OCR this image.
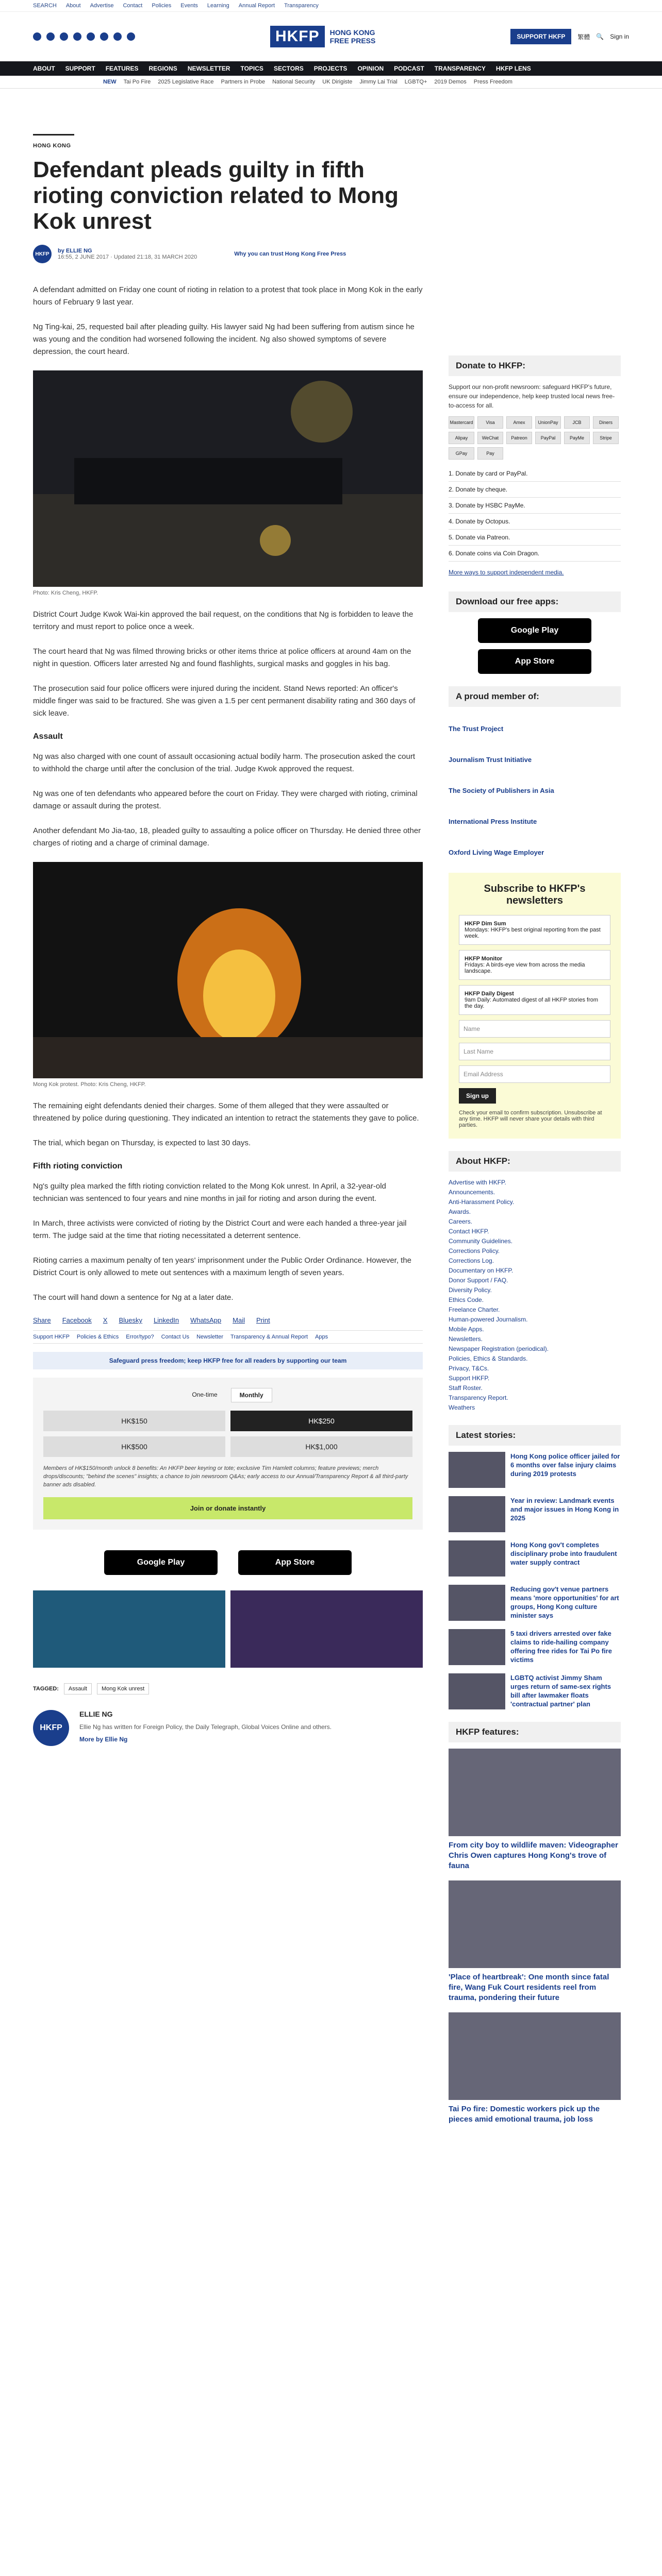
SEARCH About Advertise Contact Policies Events Learning Annual Report Transparency
HKFP	HONG KONG
FREE PRESS	SUPPORT HKFP	繁體 🔍 Sign in
ABOUT SUPPORT FEATURES REGIONS NEWSLETTER TOPICS SECTORS PROJECTS OPINION PODCAST TRANSPARENCY HKFP LENS
NEW Tai Po Fire 2025 Legislative Race Partners in Probe National Security UK Dirigiste Jimmy Lai Trial LGBTQ+ 2019 Demos Press Freedom
HONG KONG
Defendant pleads guilty in fifth rioting conviction related to Mong Kok unrest
HKFP	by ELLIE NG
16:55, 2 JUNE 2017 · Updated 21:18, 31 MARCH 2020	Why you can trust Hong Kong Free Press

A defendant admitted on Friday one count of rioting in relation to a protest that took place in Mong Kok in the early hours of February 9 last year.

Ng Ting-kai, 25, requested bail after pleading guilty. His lawyer said Ng had been suffering from autism since he was young and the condition had worsened following the incident. Ng also showed symptoms of severe depression, the court heard.

Photo: Kris Cheng, HKFP.

District Court Judge Kwok Wai-kin approved the bail request, on the conditions that Ng is forbidden to leave the territory and must report to police once a week.

The court heard that Ng was filmed throwing bricks or other items thrice at police officers at around 4am on the night in question. Officers later arrested Ng and found flashlights, surgical masks and goggles in his bag.

The prosecution said four police officers were injured during the incident. Stand News reported: An officer's middle finger was said to be fractured. She was given a 1.5 per cent permanent disability rating and 360 days of sick leave.

Assault

Ng was also charged with one count of assault occasioning actual bodily harm. The prosecution asked the court to withhold the charge until after the conclusion of the trial. Judge Kwok approved the request.

Ng was one of ten defendants who appeared before the court on Friday. They were charged with rioting, criminal damage or assault during the protest.

Another defendant Mo Jia-tao, 18, pleaded guilty to assaulting a police officer on Thursday. He denied three other charges of rioting and a charge of criminal damage.

Mong Kok protest. Photo: Kris Cheng, HKFP.

The remaining eight defendants denied their charges. Some of them alleged that they were assaulted or threatened by police during questioning. They indicated an intention to retract the statements they gave to police.

The trial, which began on Thursday, is expected to last 30 days.

Fifth rioting conviction

Ng's guilty plea marked the fifth rioting conviction related to the Mong Kok unrest. In April, a 32-year-old technician was sentenced to four years and nine months in jail for rioting and arson during the event.

In March, three activists were convicted of rioting by the District Court and were each handed a three-year jail term. The judge said at the time that rioting necessitated a deterrent sentence.

Rioting carries a maximum penalty of ten years' imprisonment under the Public Order Ordinance. However, the District Court is only allowed to mete out sentences with a maximum length of seven years.

The court will hand down a sentence for Ng at a later date.

Share Facebook X Bluesky LinkedIn WhatsApp Mail Print
Support HKFP Policies & Ethics Error/typo? Contact Us Newsletter Transparency & Annual Report Apps
Safeguard press freedom; keep HKFP free for all readers by supporting our team
One-time	Monthly
HK$150	HK$250
HK$500	HK$1,000
Members of HK$150/month unlock 8 benefits: An HKFP beer keyring or tote; exclusive Tim Hamlett columns; feature previews; merch drops/discounts; "behind the scenes" insights; a chance to join newsroom Q&As; early access to our Annual/Transparency Report & all third-party banner ads disabled.
Join or donate instantly
Google Play	App Store
TAGGED:	Assault	Mong Kok unrest
HKFP
ELLIE NG
Ellie Ng has written for Foreign Policy, the Daily Telegraph, Global Voices Online and others.
More by Ellie Ng
Donate to HKFP:
Support our non-profit newsroom: safeguard HKFP's future, ensure our independence, help keep trusted local news free-to-access for all.
Mastercard	Visa	Amex	UnionPay	JCB	Diners
Alipay	WeChat	Patreon	PayPal	PayMe	Stripe
GPay	Pay
1. Donate by card or PayPal.
2. Donate by cheque.
3. Donate by HSBC PayMe.
4. Donate by Octopus.
5. Donate via Patreon.
6. Donate coins via Coin Dragon.
More ways to support independent media.
Download our free apps:
Google Play
App Store
A proud member of:
The Trust Project
Journalism Trust Initiative
The Society of Publishers in Asia
International Press Institute
Oxford Living Wage Employer
Subscribe to HKFP's newsletters
HKFP Dim Sum
Mondays: HKFP's best original reporting from the past week.
HKFP Monitor
Fridays: A birds-eye view from across the media landscape.
HKFP Daily Digest
9am Daily: Automated digest of all HKFP stories from the day.
Name
Last Name
Email Address
Sign up
Check your email to confirm subscription. Unsubscribe at any time. HKFP will never share your details with third parties.
About HKFP:
Advertise with HKFP.
Announcements.
Anti-Harassment Policy.
Awards.
Careers.
Contact HKFP.
Community Guidelines.
Corrections Policy.
Corrections Log.
Documentary on HKFP.
Donor Support / FAQ.
Diversity Policy.
Ethics Code.
Freelance Charter.
Human-powered Journalism.
Mobile Apps.
Newsletters.
Newspaper Registration (periodical).
Policies, Ethics & Standards.
Privacy, T&Cs.
Support HKFP.
Staff Roster.
Transparency Report.
Weathers
Latest stories:
Hong Kong police officer jailed for 6 months over false injury claims during 2019 protests
Year in review: Landmark events and major issues in Hong Kong in 2025
Hong Kong gov't completes disciplinary probe into fraudulent water supply contract
Reducing gov't venue partners means 'more opportunities' for art groups, Hong Kong culture minister says
5 taxi drivers arrested over fake claims to ride-hailing company offering free rides for Tai Po fire victims
LGBTQ activist Jimmy Sham urges return of same-sex rights bill after lawmaker floats 'contractual partner' plan
HKFP features:
From city boy to wildlife maven: Videographer Chris Owen captures Hong Kong's trove of fauna
'Place of heartbreak': One month since fatal fire, Wang Fuk Court residents reel from trauma, pondering their future
Tai Po fire: Domestic workers pick up the pieces amid emotional trauma, job loss
